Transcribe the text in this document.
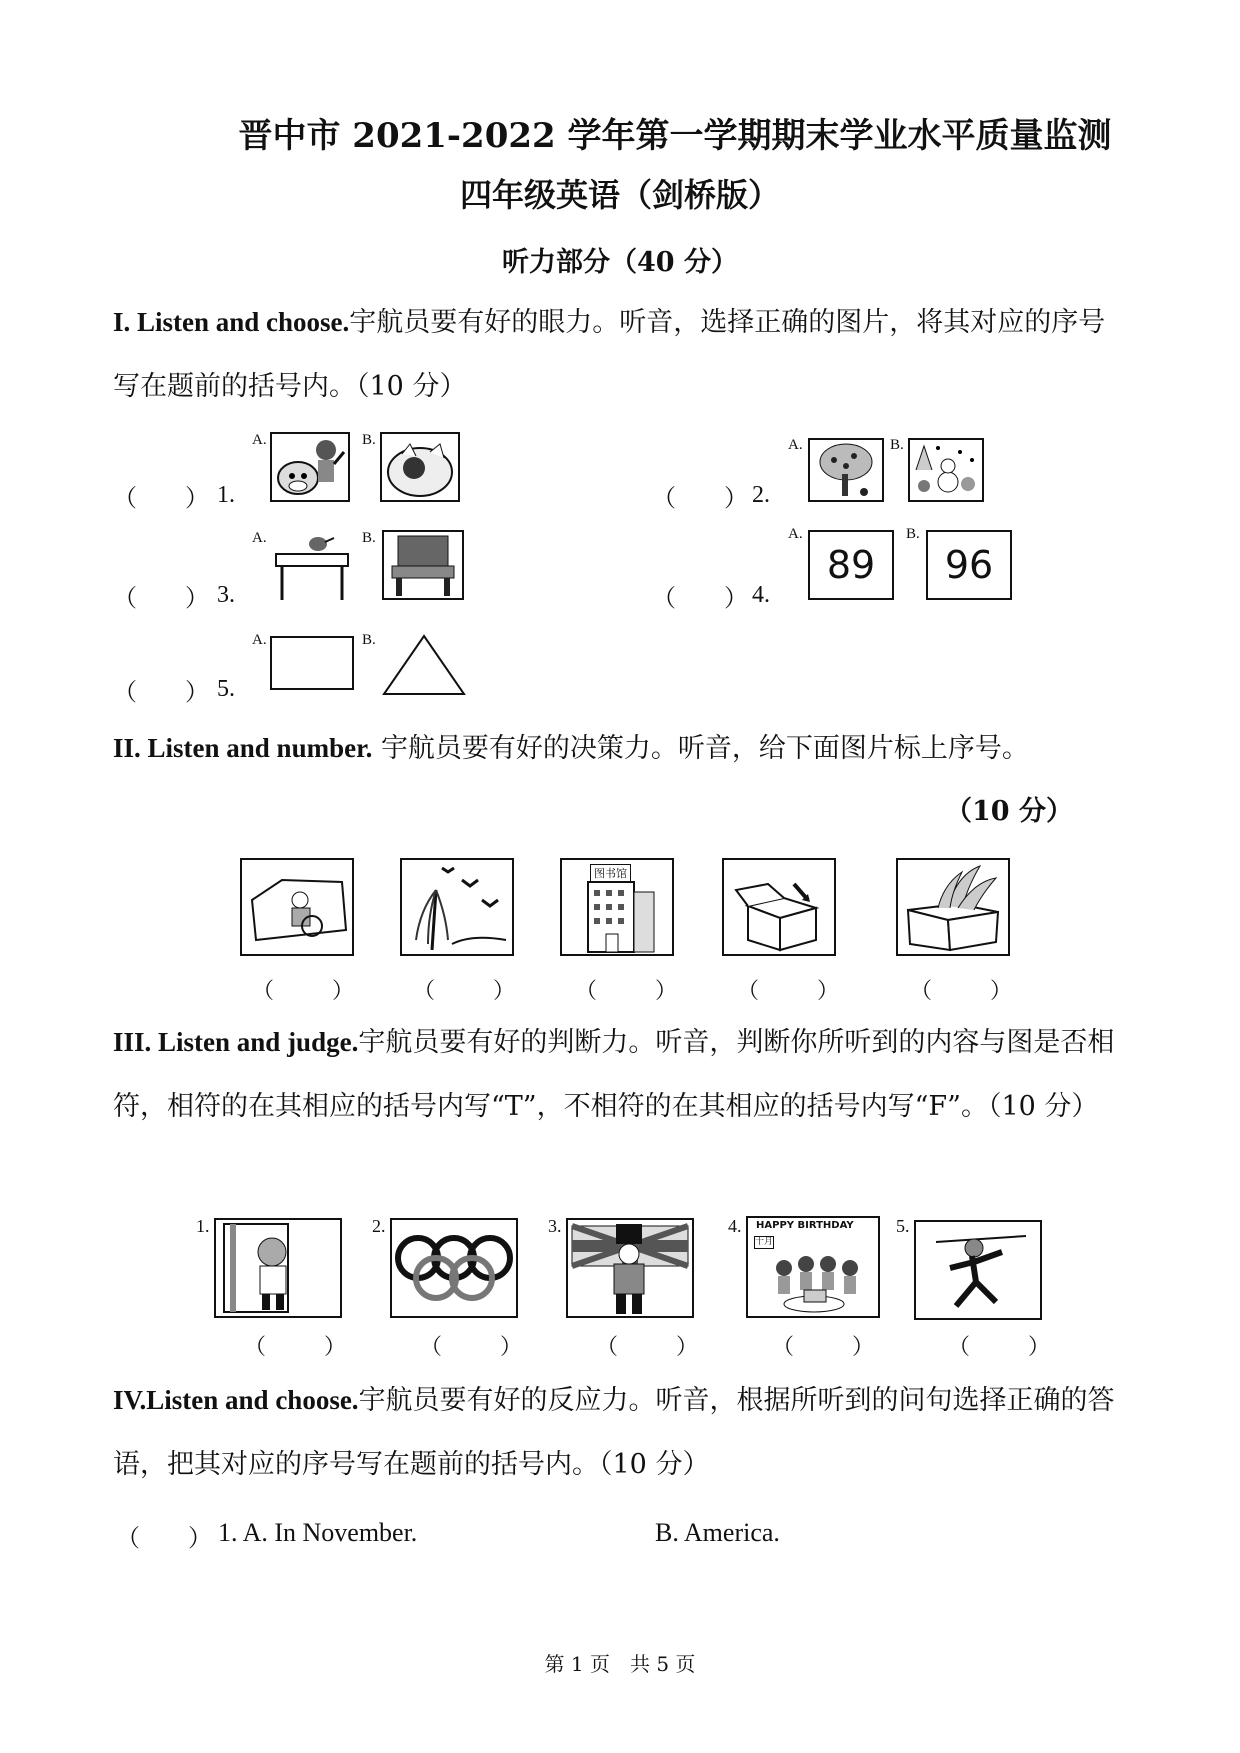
晋中市 2021-2022 学年第一学期期末学业水平质量监测
四年级英语（剑桥版）
听力部分（40 分）
I. Listen and choose.宇航员要有好的眼力。听音，选择正确的图片，将其对应的序号写在题前的括号内。（10 分）
（　　） 1.
A.	B.
（　　） 2.
A.	B.
（　　） 3.
A.	B.
（　　） 4.
A.
89
B.
96
（　　） 5.
A.	B.
II. Listen and number. 宇航员要有好的决策力。听音，给下面图片标上序号。
（10 分）
图书馆
（　） （　） （　） （　） （　）
III. Listen and judge.宇航员要有好的判断力。听音，判断你所听到的内容与图是否相符，相符的在其相应的括号内写“T”，不相符的在其相应的括号内写“F”。（10 分）
1.	2.	3.	4. HAPPY BIRTHDAY
十月
5.
（　）	（　）	（　）	（　）	（　）
IV.Listen and choose.宇航员要有好的反应力。听音，根据所听到的问句选择正确的答语，把其对应的序号写在题前的括号内。（10 分）
（　　） 1. A. In November.	B. America.
第 1 页　共 5 页
